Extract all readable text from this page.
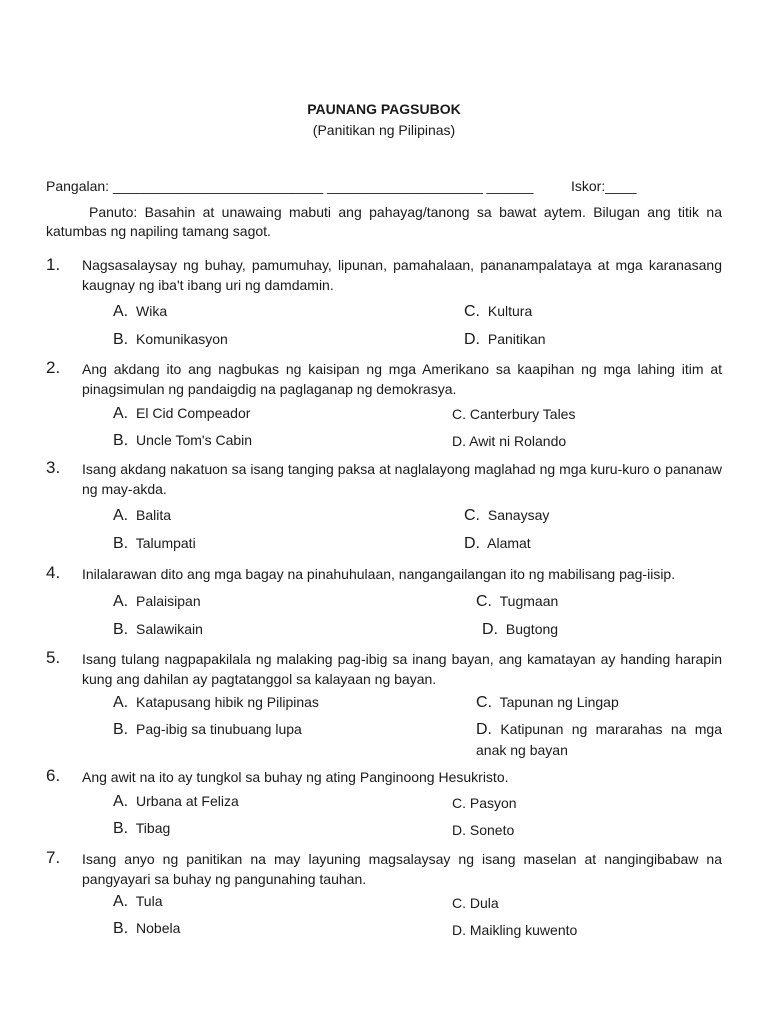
PAUNANG PAGSUBOK
(Panitikan ng Pilipinas)
Pangalan: ___________________________ ____________________ ______	Iskor:____
Panuto: Basahin at unawaing mabuti ang pahayag/tanong sa bawat aytem. Bilugan ang titik na katumbas ng napiling tamang sagot.
1. Nagsasalaysay ng buhay, pamumuhay, lipunan, pamahalaan, pananampalataya at mga karanasang kaugnay ng iba't ibang uri ng damdamin.
A. Wika	C. Kultura
B. Komunikasyon	D. Panitikan
2. Ang akdang ito ang nagbukas ng kaisipan ng mga Amerikano sa kaapihan ng mga lahing itim at pinagsimulan ng pandaigdig na paglaganap ng demokrasya.
A. El Cid Compeador	C. Canterbury Tales
B. Uncle Tom's Cabin	D. Awit ni Rolando
3. Isang akdang nakatuon sa isang tanging paksa at naglalayong maglahad ng mga kuru-kuro o pananaw ng may-akda.
A. Balita	C. Sanaysay
B. Talumpati	D. Alamat
4. Inilalarawan dito ang mga bagay na pinahuhulaan, nangangailangan ito ng mabilisang pag-iisip.
A. Palaisipan	C. Tugmaan
B. Salawikain	D. Bugtong
5. Isang tulang nagpapakilala ng malaking pag-ibig sa inang bayan, ang kamatayan ay handing harapin kung ang dahilan ay pagtatanggol sa kalayaan ng bayan.
A. Katapusang hibik ng Pilipinas	C. Tapunan ng Lingap
B. Pag-ibig sa tinubuang lupa	D. Katipunan ng mararahas na mga anak ng bayan
6. Ang awit na ito ay tungkol sa buhay ng ating Panginoong Hesukristo.
A. Urbana at Feliza	C. Pasyon
B. Tibag	D. Soneto
7. Isang anyo ng panitikan na may layuning magsalaysay ng isang maselan at nangingibabaw na pangyayari sa buhay ng pangunahing tauhan.
A. Tula	C. Dula
B. Nobela	D. Maikling kuwento
